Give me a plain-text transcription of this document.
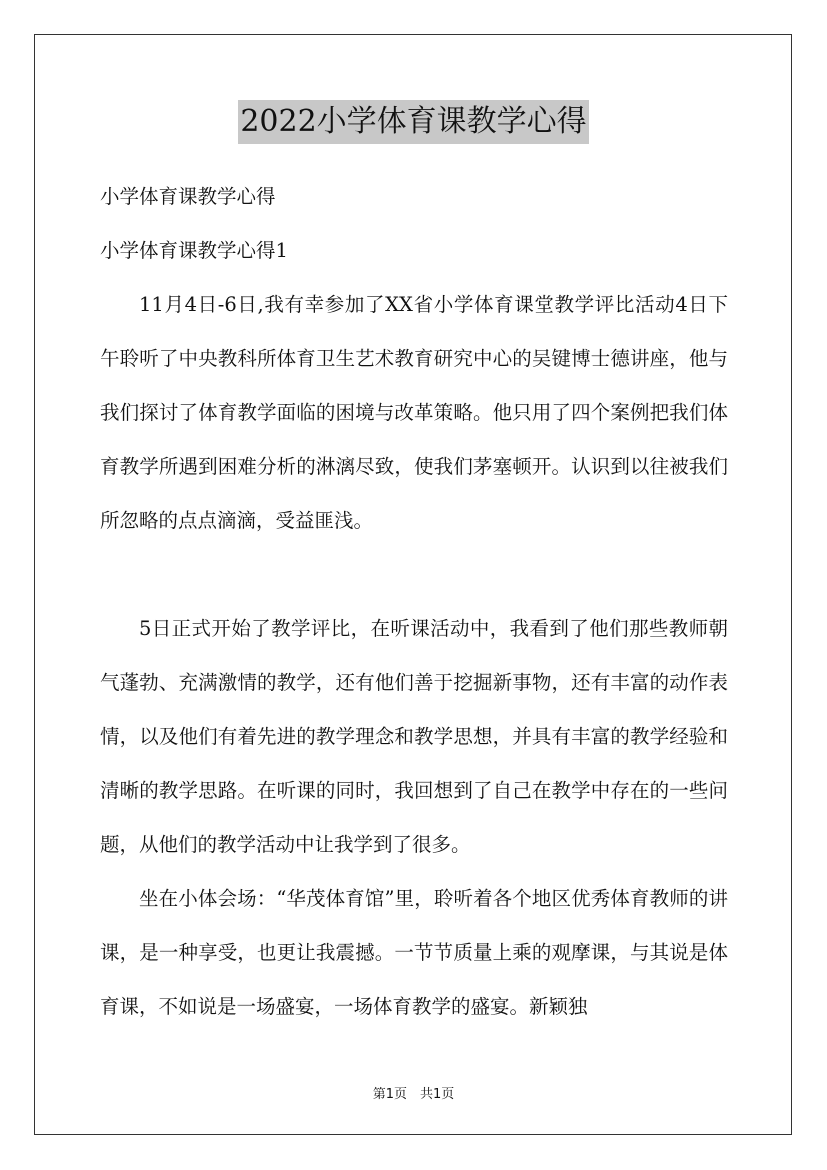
2022小学体育课教学心得

小学体育课教学心得

小学体育课教学心得1

11月4日-6日,我有幸参加了XX省小学体育课堂教学评比活动4日下午聆听了中央教科所体育卫生艺术教育研究中心的吴键博士德讲座，他与我们探讨了体育教学面临的困境与改革策略。他只用了四个案例把我们体育教学所遇到困难分析的淋漓尽致，使我们茅塞顿开。认识到以往被我们所忽略的点点滴滴，受益匪浅。

5日正式开始了教学评比，在听课活动中，我看到了他们那些教师朝气蓬勃、充满激情的教学，还有他们善于挖掘新事物，还有丰富的动作表情，以及他们有着先进的教学理念和教学思想，并具有丰富的教学经验和清晰的教学思路。在听课的同时，我回想到了自己在教学中存在的一些问题，从他们的教学活动中让我学到了很多。

坐在小体会场：“华茂体育馆”里，聆听着各个地区优秀体育教师的讲课，是一种享受，也更让我震撼。一节节质量上乘的观摩课，与其说是体育课，不如说是一场盛宴，一场体育教学的盛宴。新颖独

第1页　共1页
